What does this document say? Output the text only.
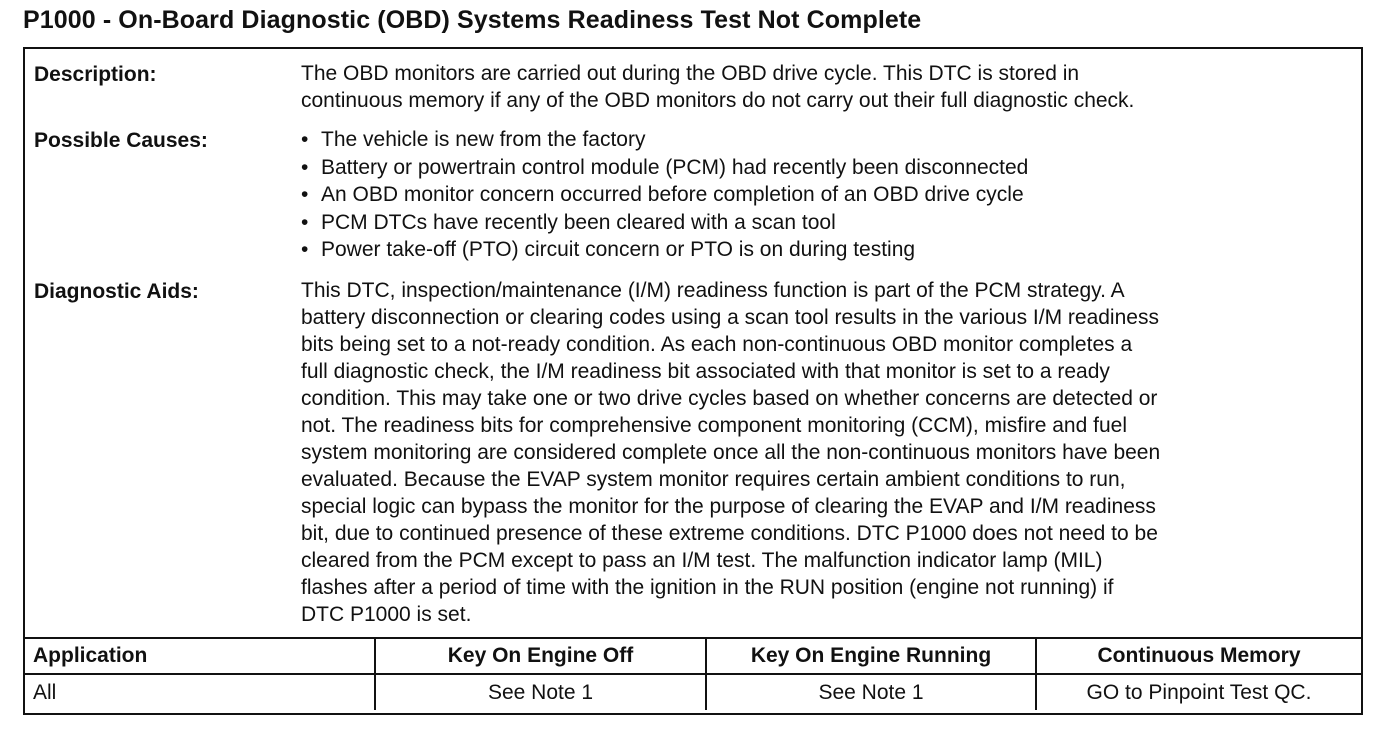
P1000 - On-Board Diagnostic (OBD) Systems Readiness Test Not Complete
Description:	The OBD monitors are carried out during the OBD drive cycle. This DTC is stored in

continuous memory if any of the OBD monitors do not carry out their full diagnostic check.

Possible Causes:	• The vehicle is new from the factory
• Battery or powertrain control module (PCM) had recently been disconnected
• An OBD monitor concern occurred before completion of an OBD drive cycle
• PCM DTCs have recently been cleared with a scan tool
• Power take-off (PTO) circuit concern or PTO is on during testing
Diagnostic Aids:	This DTC, inspection/maintenance (I/M) readiness function is part of the PCM strategy. A

battery disconnection or clearing codes using a scan tool results in the various I/M readiness

bits being set to a not-ready condition. As each non-continuous OBD monitor completes a

full diagnostic check, the I/M readiness bit associated with that monitor is set to a ready

condition. This may take one or two drive cycles based on whether concerns are detected or

not. The readiness bits for comprehensive component monitoring (CCM), misfire and fuel

system monitoring are considered complete once all the non-continuous monitors have been

evaluated. Because the EVAP system monitor requires certain ambient conditions to run,

special logic can bypass the monitor for the purpose of clearing the EVAP and I/M readiness

bit, due to continued presence of these extreme conditions. DTC P1000 does not need to be

cleared from the PCM except to pass an I/M test. The malfunction indicator lamp (MIL)

flashes after a period of time with the ignition in the RUN position (engine not running) if

DTC P1000 is set.

Application	Key On Engine Off	Key On Engine Running	Continuous Memory
All	See Note 1	See Note 1	GO to Pinpoint Test QC.
